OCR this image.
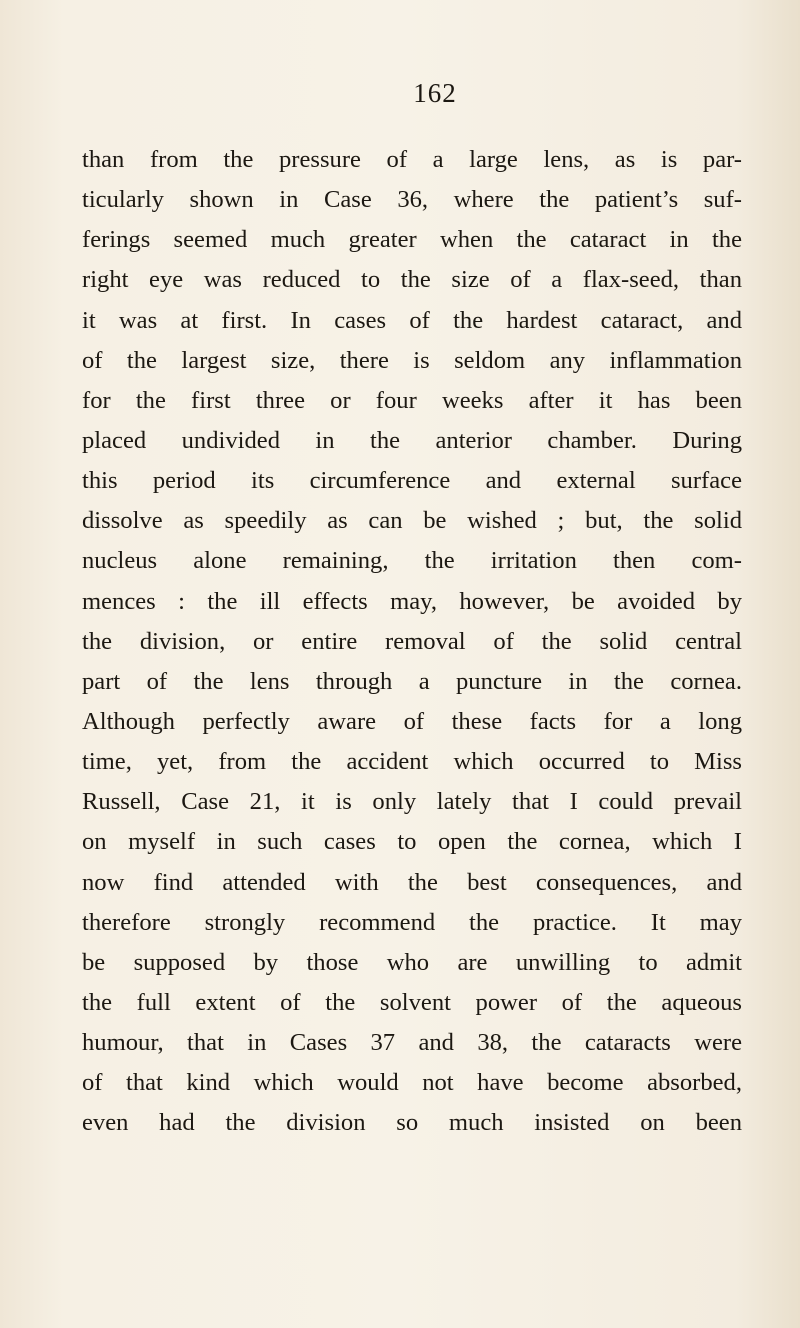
162
than from the pressure of a large lens, as is par-
ticularly shown in Case 36, where the patient’s suf-
ferings seemed much greater when the cataract in the
right eye was reduced to the size of a flax-seed, than
it was at first. In cases of the hardest cataract, and
of the largest size, there is seldom any inflammation
for the first three or four weeks after it has been
placed undivided in the anterior chamber. During
this period its circumference and external surface
dissolve as speedily as can be wished ; but, the solid
nucleus alone remaining, the irritation then com-
mences : the ill effects may, however, be avoided by
the division, or entire removal of the solid central
part of the lens through a puncture in the cornea.
Although perfectly aware of these facts for a long
time, yet, from the accident which occurred to Miss
Russell, Case 21, it is only lately that I could prevail
on myself in such cases to open the cornea, which I
now find attended with the best consequences, and
therefore strongly recommend the practice. It may
be supposed by those who are unwilling to admit
the full extent of the solvent power of the aqueous
humour, that in Cases 37 and 38, the cataracts were
of that kind which would not have become absorbed,
even had the division so much insisted on been
